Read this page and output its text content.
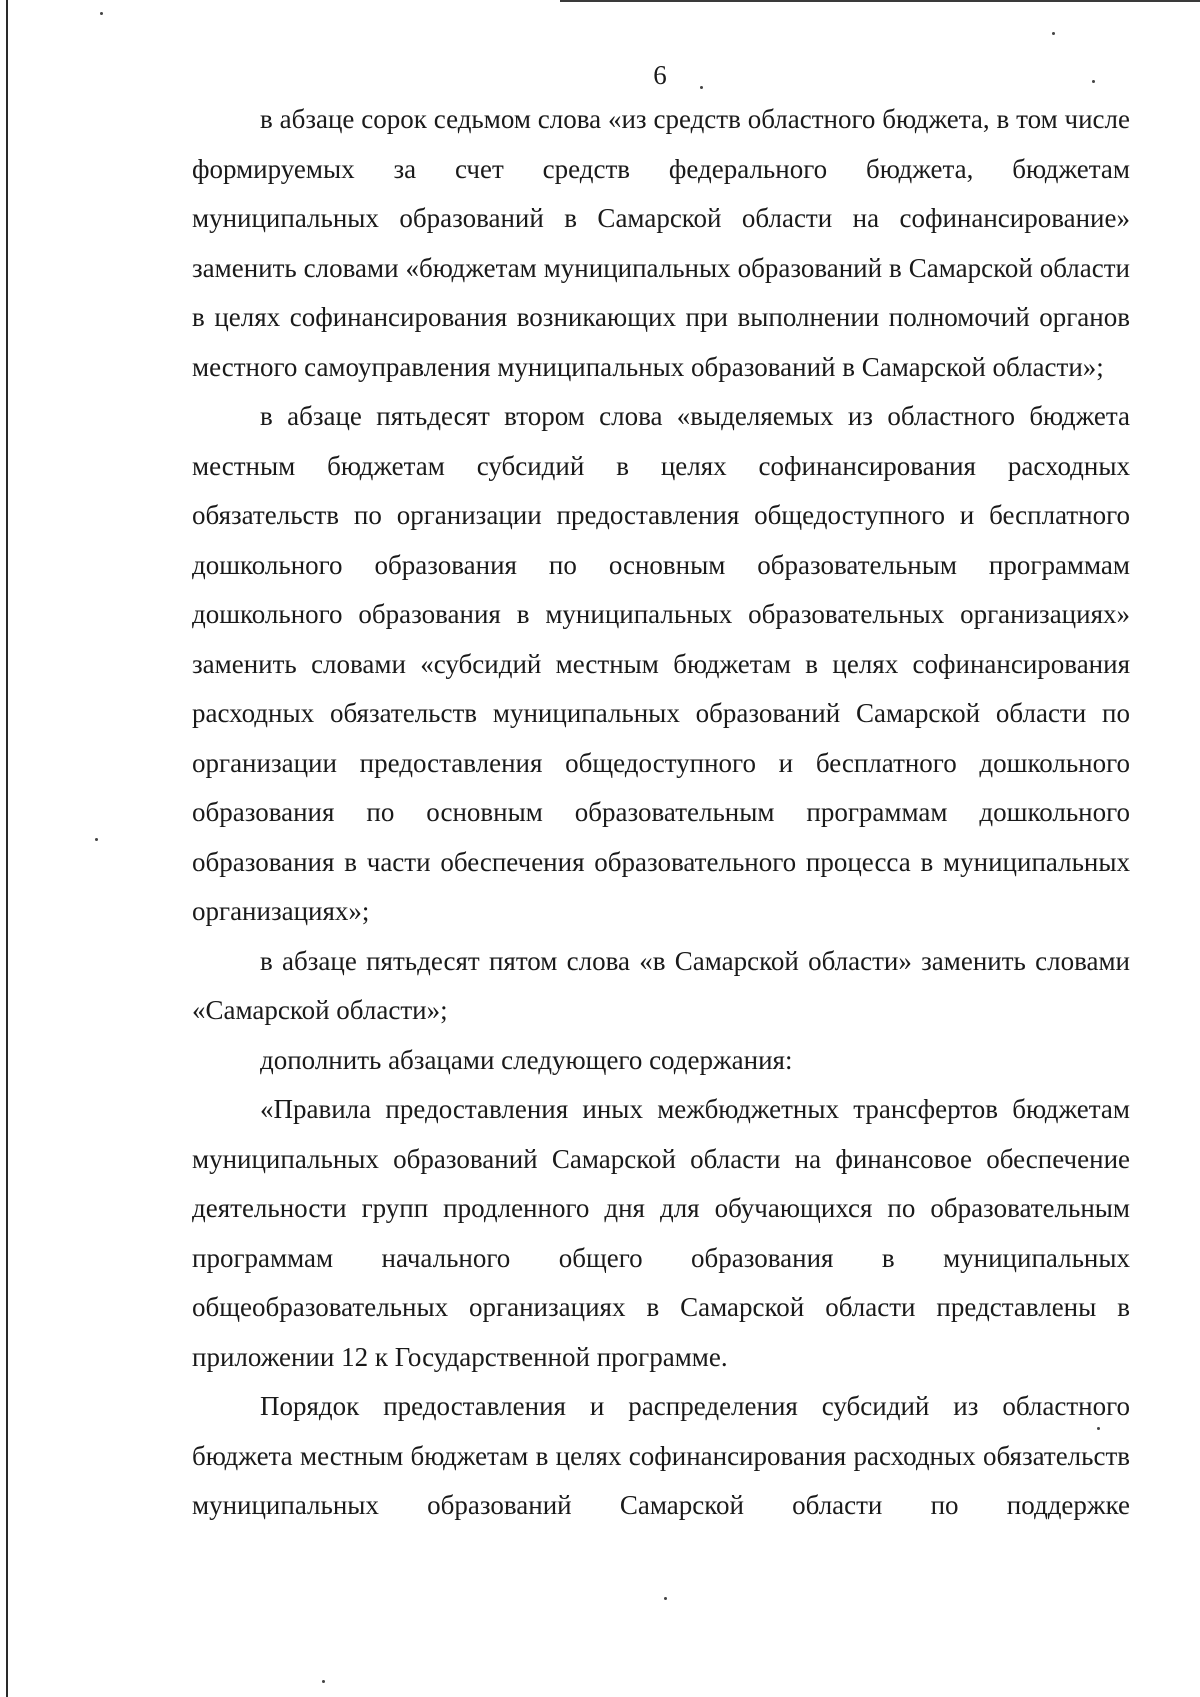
6

в абзаце сорок седьмом слова «из средств областного бюджета, в том числе формируемых за счет средств федерального бюджета, бюджетам муниципальных образований в Самарской области на софинансирование» заменить словами «бюджетам муниципальных образований в Самарской области в целях софинансирования возникающих при выполнении полномочий органов местного самоуправления муниципальных образований в Самарской области»;

в абзаце пятьдесят втором слова «выделяемых из областного бюджета местным бюджетам субсидий в целях софинансирования расходных обязательств по организации предоставления общедоступного и бесплатного дошкольного образования по основным образовательным программам дошкольного образования в муниципальных образовательных организациях» заменить словами «субсидий местным бюджетам в целях софинансирования расходных обязательств муниципальных образований Самарской области по организации предоставления общедоступного и бесплатного дошкольного образования по основным образовательным программам дошкольного образования в части обеспечения образовательного процесса в муниципальных организациях»;

в абзаце пятьдесят пятом слова «в Самарской области» заменить словами «Самарской области»;

дополнить абзацами следующего содержания:

«Правила предоставления иных межбюджетных трансфертов бюджетам муниципальных образований Самарской области на финансовое обеспечение деятельности групп продленного дня для обучающихся по образовательным программам начального общего образования в муниципальных общеобразовательных организациях в Самарской области представлены в приложении 12 к Государственной программе.

Порядок предоставления и распределения субсидий из областного бюджета местным бюджетам в целях софинансирования расходных обязательств муниципальных образований Самарской области по поддержке
